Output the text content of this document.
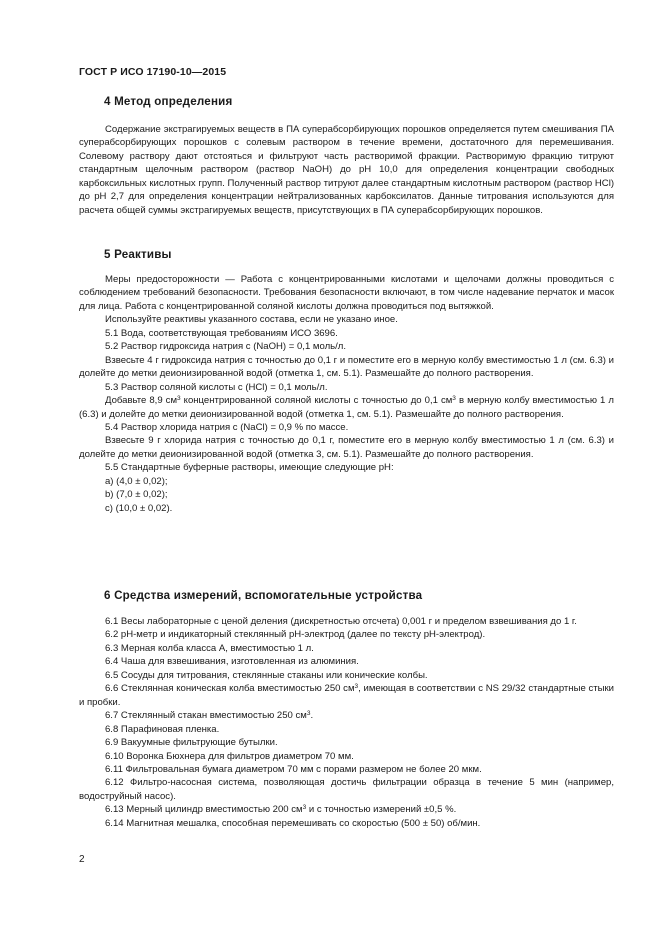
ГОСТ Р ИСО 17190-10—2015
4 Метод определения

Содержание экстрагируемых веществ в ПА суперабсорбирующих порошков определяется путем смешивания ПА суперабсорбирующих порошков с солевым раствором в течение времени, достаточного для перемешивания. Солевому раствору дают отстояться и фильтруют часть растворимой фракции. Растворимую фракцию титруют стандартным щелочным раствором (раствор NaOH) до pH 10,0 для определения концентрации свободных карбоксильных кислотных групп. Полученный раствор титруют далее стандартным кислотным раствором (раствор HCl) до pH 2,7 для определения концентрации нейтрализованных карбоксилатов. Данные титрования используются для расчета общей суммы экстрагируемых веществ, присутствующих в ПА суперабсорбирующих порошков.

5 Реактивы

Меры предосторожности — Работа с концентрированными кислотами и щелочами должны проводиться с соблюдением требований безопасности. Требования безопасности включают, в том числе надевание перчаток и масок для лица. Работа с концентрированной соляной кислоты должна проводиться под вытяжкой.

Используйте реактивы указанного состава, если не указано иное.

5.1 Вода, соответствующая требованиям ИСО 3696.

5.2 Раствор гидроксида натрия c (NaOH) = 0,1 моль/л.

Взвесьте 4 г гидроксида натрия с точностью до 0,1 г и поместите его в мерную колбу вместимостью 1 л (см. 6.3) и долейте до метки деионизированной водой (отметка 1, см. 5.1). Размешайте до полного растворения.

5.3 Раствор соляной кислоты c (HCl) = 0,1 моль/л.

Добавьте 8,9 $см^3$ концентрированной соляной кислоты с точностью до 0,1 $см^3$ в мерную колбу вместимостью 1 л (6.3) и долейте до метки деионизированной водой (отметка 1, см. 5.1). Размешайте до полного растворения.

5.4 Раствор хлорида натрия c (NaCl) = 0,9 % по массе.

Взвесьте 9 г хлорида натрия с точностью до 0,1 г, поместите его в мерную колбу вместимостью 1 л (см. 6.3) и долейте до метки деионизированной водой (отметка 3, см. 5.1). Размешайте до полного растворения.

5.5 Стандартные буферные растворы, имеющие следующие pH:

a) (4,0 ± 0,02);

b) (7,0 ± 0,02);

c) (10,0 ± 0,02).

6 Средства измерений, вспомогательные устройства

6.1 Весы лабораторные с ценой деления (дискретностью отсчета) 0,001 г и пределом взвешивания до 1 г.

6.2 pH-метр и индикаторный стеклянный pH-электрод (далее по тексту pH-электрод).

6.3 Мерная колба класса А, вместимостью 1 л.

6.4 Чаша для взвешивания, изготовленная из алюминия.

6.5 Сосуды для титрования, стеклянные стаканы или конические колбы.

6.6 Стеклянная коническая колба вместимостью 250 $см^3$, имеющая в соответствии с NS 29/32 стандартные стыки и пробки.

6.7 Стеклянный стакан вместимостью 250 $см^3$.

6.8 Парафиновая пленка.

6.9 Вакуумные фильтрующие бутылки.

6.10 Воронка Бюхнера для фильтров диаметром 70 мм.

6.11 Фильтровальная бумага диаметром 70 мм с порами размером не более 20 мкм.

6.12 Фильтро-насосная система, позволяющая достичь фильтрации образца в течение 5 мин (например, водоструйный насос).

6.13 Мерный цилиндр вместимостью 200 $см^3$ и с точностью измерений ±0,5 %.

6.14 Магнитная мешалка, способная перемешивать со скоростью (500 ± 50) об/мин.

2
